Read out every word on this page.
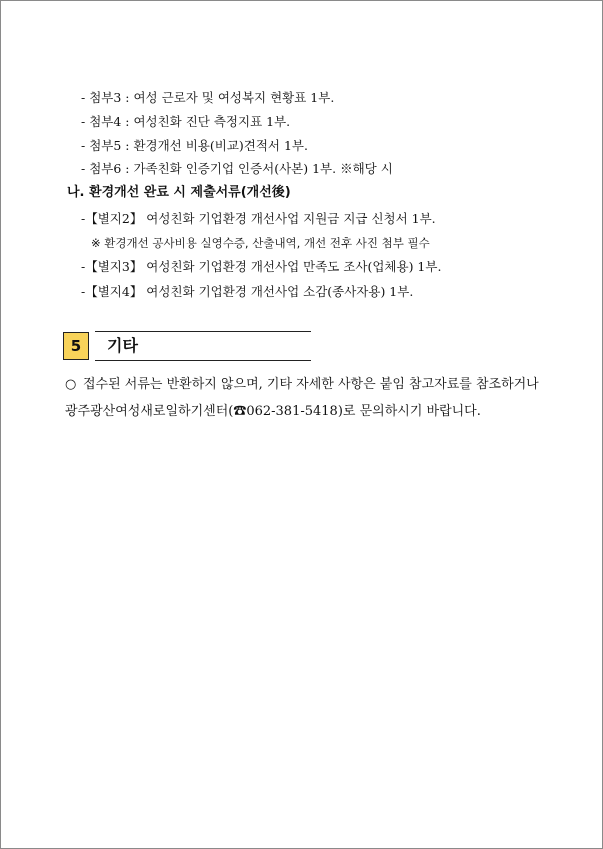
- 첨부3 : 여성 근로자 및 여성복지 현황표 1부.
- 첨부4 : 여성친화 진단 측정지표 1부.
- 첨부5 : 환경개선 비용(비교)견적서 1부.
- 첨부6 : 가족친화 인증기업 인증서(사본) 1부. ※해당 시
나. 환경개선 완료 시 제출서류(개선後)
-【별지2】 여성친화 기업환경 개선사업 지원금 지급 신청서 1부.
※ 환경개선 공사비용 실영수증, 산출내역, 개선 전후 사진 첨부 필수
-【별지3】 여성친화 기업환경 개선사업 만족도 조사(업체용) 1부.
-【별지4】 여성친화 기업환경 개선사업 소감(종사자용) 1부.
5	기타
○ 접수된 서류는 반환하지 않으며, 기타 자세한 사항은 붙임 참고자료를 참조하거나 광주광산여성새로일하기센터(☎062-381-5418)로 문의하시기 바랍니다.
